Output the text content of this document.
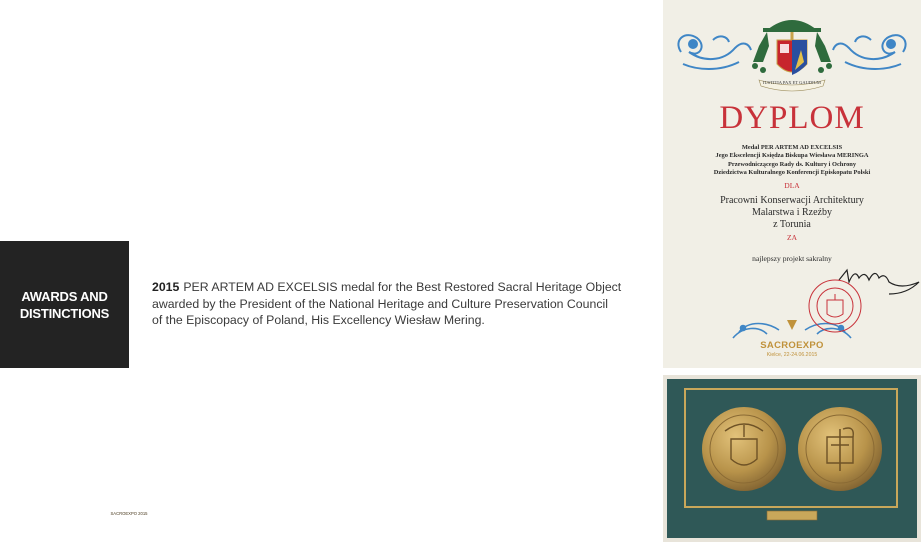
AWARDS AND
DISTINCTIONS
2015 PER ARTEM AD EXCELSIS medal for the Best Restored Sacral Heritage Object
awarded by the President of the National Heritage and Culture Preservation Council
of the Episcopacy of Poland, His Excellency Wiesław Mering.
IUSTITIA PAX ET GAUDIUM
DYPLOM
Medal PER ARTEM AD EXCELSIS
Jego Ekscelencji Księdza Biskupa Wiesława MERINGA
Przewodniczącego Rady ds. Kultury i Ochrony
Dziedzictwa Kulturalnego Konferencji Episkopatu Polski
DLA
Pracowni Konserwacji Architektury
Malarstwa i Rzeźby
z Torunia
ZA
najlepszy projekt sakralny
SACROEXPO
Kielce, 22-24.06.2015
SACROEXPO 2015
